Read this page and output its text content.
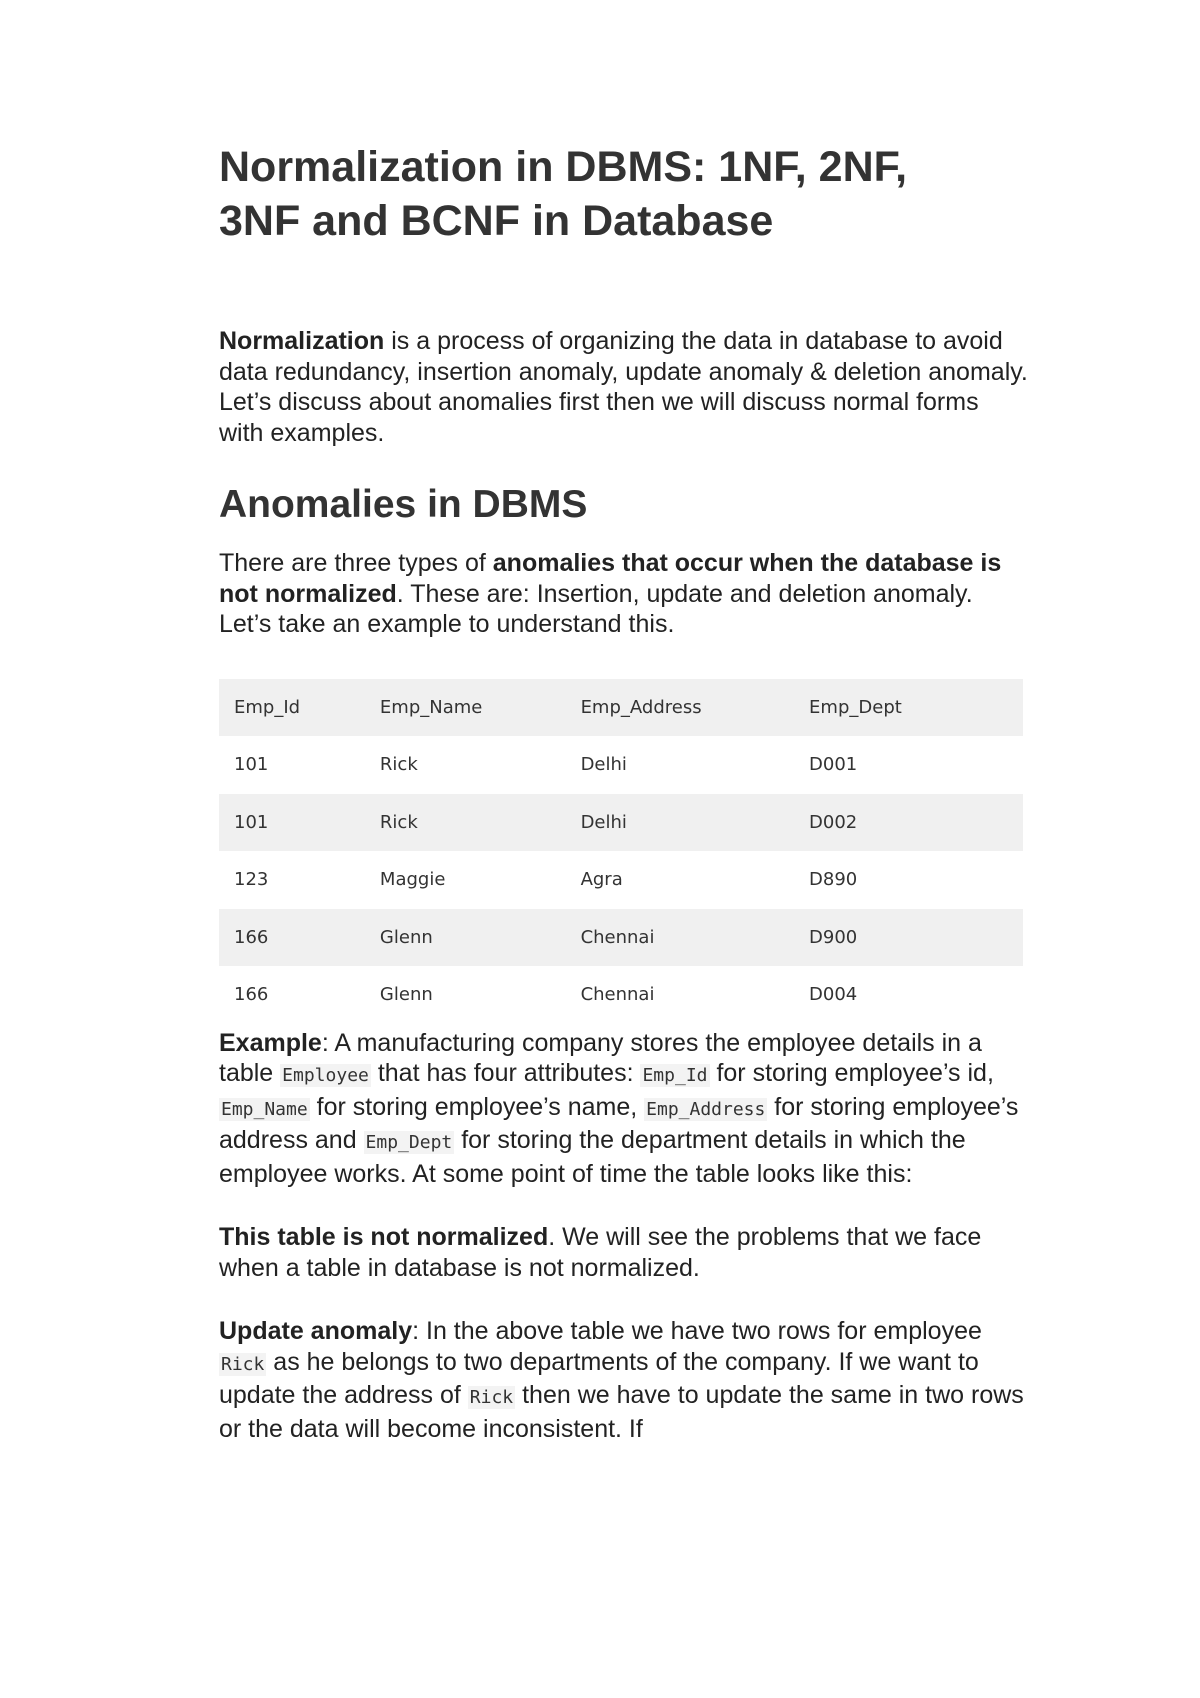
Normalization in DBMS: 1NF, 2NF,
3NF and BCNF in Database

Normalization is a process of organizing the data in database to avoid data redundancy, insertion anomaly, update anomaly & deletion anomaly. Let’s discuss about anomalies first then we will discuss normal forms with examples.

Anomalies in DBMS

There are three types of anomalies that occur when the database is not normalized. These are: Insertion, update and deletion anomaly. Let’s take an example to understand this.

Emp_Id	Emp_Name	Emp_Address	Emp_Dept
101	Rick	Delhi	D001
101	Rick	Delhi	D002
123	Maggie	Agra	D890
166	Glenn	Chennai	D900
166	Glenn	Chennai	D004

Example: A manufacturing company stores the employee details in a table Employee that has four attributes: Emp_Id for storing employee’s id, Emp_Name for storing employee’s name, Emp_Address for storing employee’s address and Emp_Dept for storing the department details in which the employee works. At some point of time the table looks like this:

This table is not normalized. We will see the problems that we face when a table in database is not normalized.

Update anomaly: In the above table we have two rows for employee Rick as he belongs to two departments of the company. If we want to update the address of Rick then we have to update the same in two rows or the data will become inconsistent. If
